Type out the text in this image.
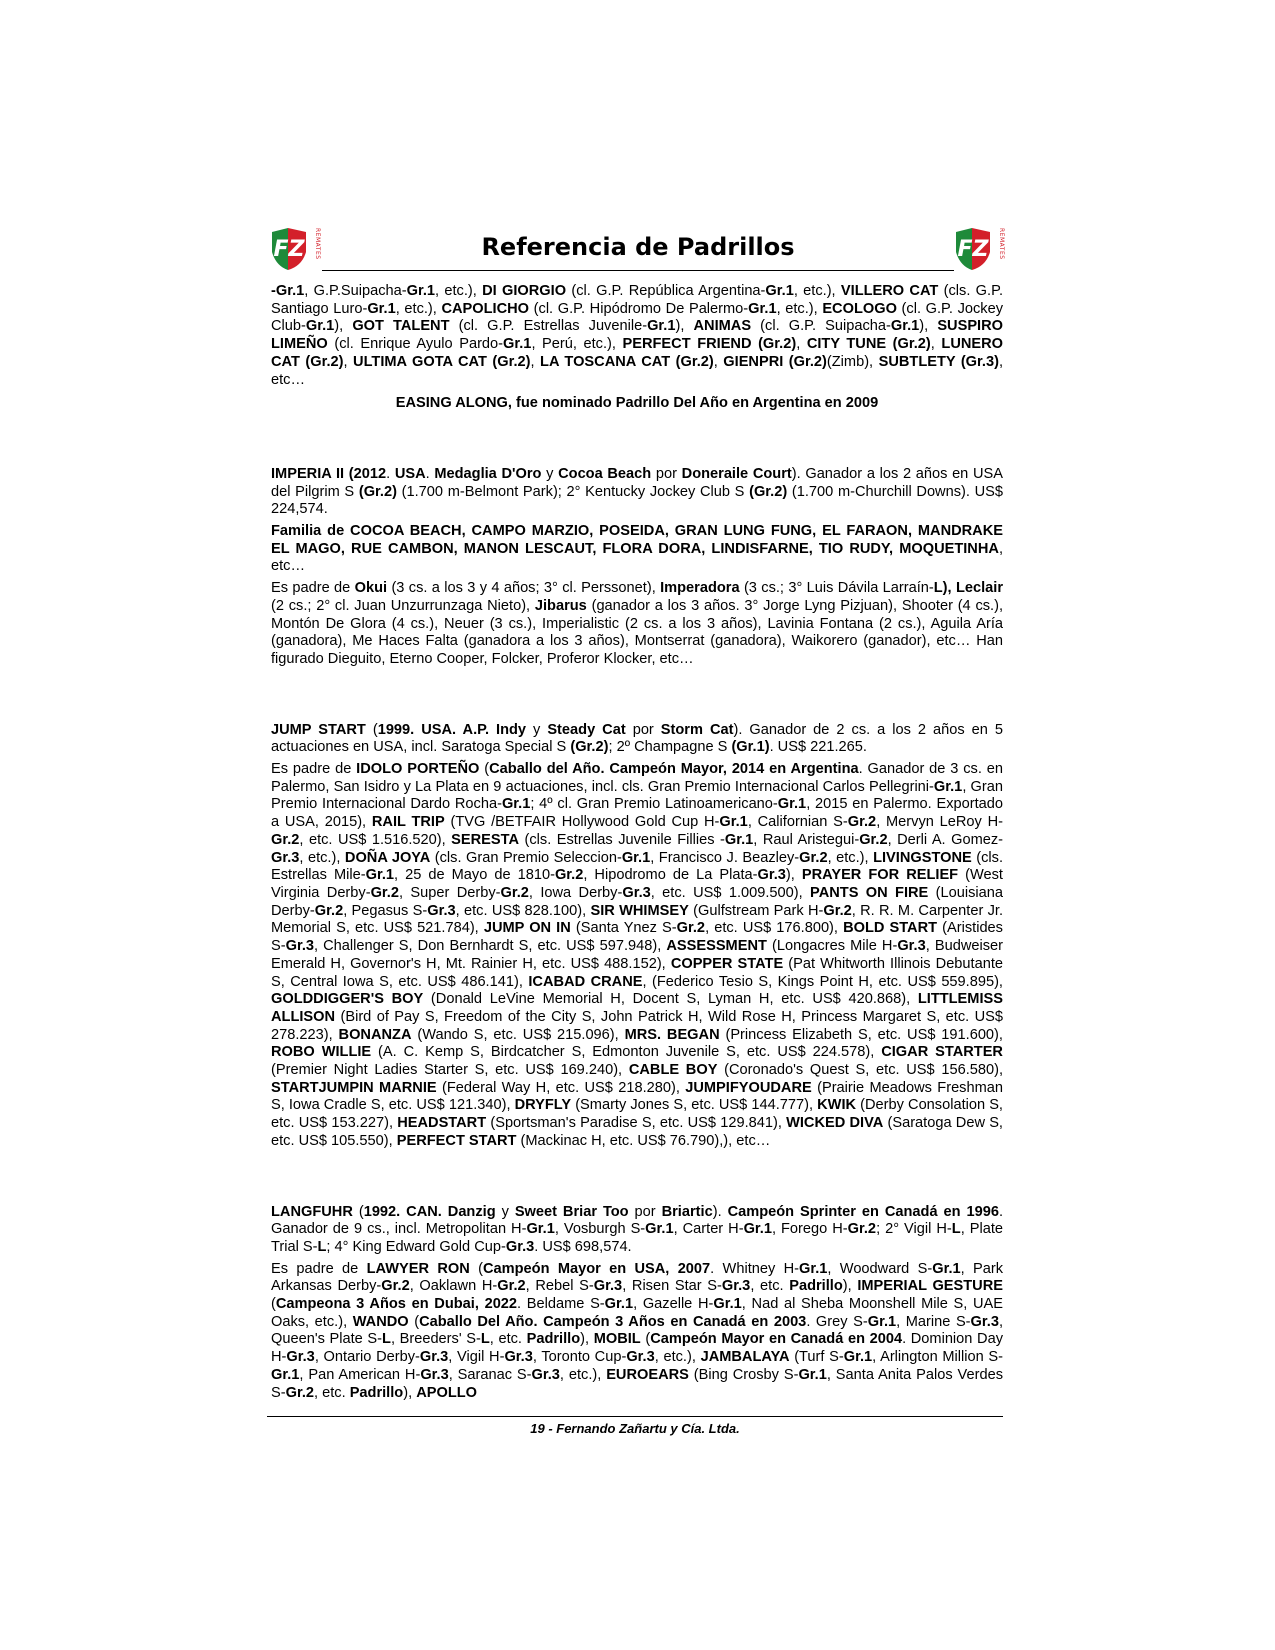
FZ REMATES	Referencia de Padrillos	FZ REMATES

-Gr.1, G.P.Suipacha-Gr.1, etc.), DI GIORGIO (cl. G.P. República Argentina-Gr.1, etc.), VILLERO CAT (cls. G.P. Santiago Luro-Gr.1, etc.), CAPOLICHO (cl. G.P. Hipódromo De Palermo-Gr.1, etc.), ECOLOGO (cl. G.P. Jockey Club-Gr.1), GOT TALENT (cl. G.P. Estrellas Juvenile-Gr.1), ANIMAS (cl. G.P. Suipacha-Gr.1), SUSPIRO LIMEÑO (cl. Enrique Ayulo Pardo-Gr.1, Perú, etc.), PERFECT FRIEND (Gr.2), CITY TUNE (Gr.2), LUNERO CAT (Gr.2), ULTIMA GOTA CAT (Gr.2), LA TOSCANA CAT (Gr.2), GIENPRI (Gr.2)(Zimb), SUBTLETY (Gr.3), etc…

EASING ALONG, fue nominado Padrillo Del Año en Argentina en 2009

IMPERIA II (2012. USA. Medaglia D'Oro y Cocoa Beach por Doneraile Court). Ganador a los 2 años en USA del Pilgrim S (Gr.2) (1.700 m-Belmont Park); 2° Kentucky Jockey Club S (Gr.2) (1.700 m-Churchill Downs). US$ 224,574.

Familia de COCOA BEACH, CAMPO MARZIO, POSEIDA, GRAN LUNG FUNG, EL FARAON, MANDRAKE EL MAGO, RUE CAMBON, MANON LESCAUT, FLORA DORA, LINDISFARNE, TIO RUDY, MOQUETINHA, etc…

Es padre de Okui (3 cs. a los 3 y 4 años; 3° cl. Perssonet), Imperadora (3 cs.; 3° Luis Dávila Larraín-L), Leclair (2 cs.; 2° cl. Juan Unzurrunzaga Nieto), Jibarus (ganador a los 3 años. 3° Jorge Lyng Pizjuan), Shooter (4 cs.), Montón De Glora (4 cs.), Neuer (3 cs.), Imperialistic (2 cs. a los 3 años), Lavinia Fontana (2 cs.), Aguila Aría (ganadora), Me Haces Falta (ganadora a los 3 años), Montserrat (ganadora), Waikorero (ganador), etc… Han figurado Dieguito, Eterno Cooper, Folcker, Proferor Klocker, etc…

JUMP START (1999. USA. A.P. Indy y Steady Cat por Storm Cat). Ganador de 2 cs. a los 2 años en 5 actuaciones en USA, incl. Saratoga Special S (Gr.2); 2º Champagne S (Gr.1). US$ 221.265.

Es padre de IDOLO PORTEÑO (Caballo del Año. Campeón Mayor, 2014 en Argentina. Ganador de 3 cs. en Palermo, San Isidro y La Plata en 9 actuaciones, incl. cls. Gran Premio Internacional Carlos Pellegrini-Gr.1, Gran Premio Internacional Dardo Rocha-Gr.1; 4º cl. Gran Premio Latinoamericano-Gr.1, 2015 en Palermo. Exportado a USA, 2015), RAIL TRIP (TVG /BETFAIR Hollywood Gold Cup H-Gr.1, Californian S-Gr.2, Mervyn LeRoy H-Gr.2, etc. US$ 1.516.520), SERESTA (cls. Estrellas Juvenile Fillies -Gr.1, Raul Aristegui-Gr.2, Derli A. Gomez-Gr.3, etc.), DOÑA JOYA (cls. Gran Premio Seleccion-Gr.1, Francisco J. Beazley-Gr.2, etc.), LIVINGSTONE (cls. Estrellas Mile-Gr.1, 25 de Mayo de 1810-Gr.2, Hipodromo de La Plata-Gr.3), PRAYER FOR RELIEF (West Virginia Derby-Gr.2, Super Derby-Gr.2, Iowa Derby-Gr.3, etc. US$ 1.009.500), PANTS ON FIRE (Louisiana Derby-Gr.2, Pegasus S-Gr.3, etc. US$ 828.100), SIR WHIMSEY (Gulfstream Park H-Gr.2, R. R. M. Carpenter Jr. Memorial S, etc. US$ 521.784), JUMP ON IN (Santa Ynez S-Gr.2, etc. US$ 176.800), BOLD START (Aristides S-Gr.3, Challenger S, Don Bernhardt S, etc. US$ 597.948), ASSESSMENT (Longacres Mile H-Gr.3, Budweiser Emerald H, Governor's H, Mt. Rainier H, etc. US$ 488.152), COPPER STATE (Pat Whitworth Illinois Debutante S, Central Iowa S, etc. US$ 486.141), ICABAD CRANE, (Federico Tesio S, Kings Point H, etc. US$ 559.895), GOLDDIGGER'S BOY (Donald LeVine Memorial H, Docent S, Lyman H, etc. US$ 420.868), LITTLEMISS ALLISON (Bird of Pay S, Freedom of the City S, John Patrick H, Wild Rose H, Princess Margaret S, etc. US$ 278.223), BONANZA (Wando S, etc. US$ 215.096), MRS. BEGAN (Princess Elizabeth S, etc. US$ 191.600), ROBO WILLIE (A. C. Kemp S, Birdcatcher S, Edmonton Juvenile S, etc. US$ 224.578), CIGAR STARTER (Premier Night Ladies Starter S, etc. US$ 169.240), CABLE BOY (Coronado's Quest S, etc. US$ 156.580), STARTJUMPIN MARNIE (Federal Way H, etc. US$ 218.280), JUMPIFYOUDARE (Prairie Meadows Freshman S, Iowa Cradle S, etc. US$ 121.340), DRYFLY (Smarty Jones S, etc. US$ 144.777), KWIK (Derby Consolation S, etc. US$ 153.227), HEADSTART (Sportsman's Paradise S, etc. US$ 129.841), WICKED DIVA (Saratoga Dew S, etc. US$ 105.550), PERFECT START (Mackinac H, etc. US$ 76.790),), etc…

LANGFUHR (1992. CAN. Danzig y Sweet Briar Too por Briartic). Campeón Sprinter en Canadá en 1996. Ganador de 9 cs., incl. Metropolitan H-Gr.1, Vosburgh S-Gr.1, Carter H-Gr.1, Forego H-Gr.2; 2° Vigil H-L, Plate Trial S-L; 4° King Edward Gold Cup-Gr.3. US$ 698,574.

Es padre de LAWYER RON (Campeón Mayor en USA, 2007. Whitney H-Gr.1, Woodward S-Gr.1, Park Arkansas Derby-Gr.2, Oaklawn H-Gr.2, Rebel S-Gr.3, Risen Star S-Gr.3, etc. Padrillo), IMPERIAL GESTURE (Campeona 3 Años en Dubai, 2022. Beldame S-Gr.1, Gazelle H-Gr.1, Nad al Sheba Moonshell Mile S, UAE Oaks, etc.), WANDO (Caballo Del Año. Campeón 3 Años en Canadá en 2003. Grey S-Gr.1, Marine S-Gr.3, Queen's Plate S-L, Breeders' S-L, etc. Padrillo), MOBIL (Campeón Mayor en Canadá en 2004. Dominion Day H-Gr.3, Ontario Derby-Gr.3, Vigil H-Gr.3, Toronto Cup-Gr.3, etc.), JAMBALAYA (Turf S-Gr.1, Arlington Million S-Gr.1, Pan American H-Gr.3, Saranac S-Gr.3, etc.), EUROEARS (Bing Crosby S-Gr.1, Santa Anita Palos Verdes S-Gr.2, etc. Padrillo), APOLLO

19 - Fernando Zañartu y Cía. Ltda.
